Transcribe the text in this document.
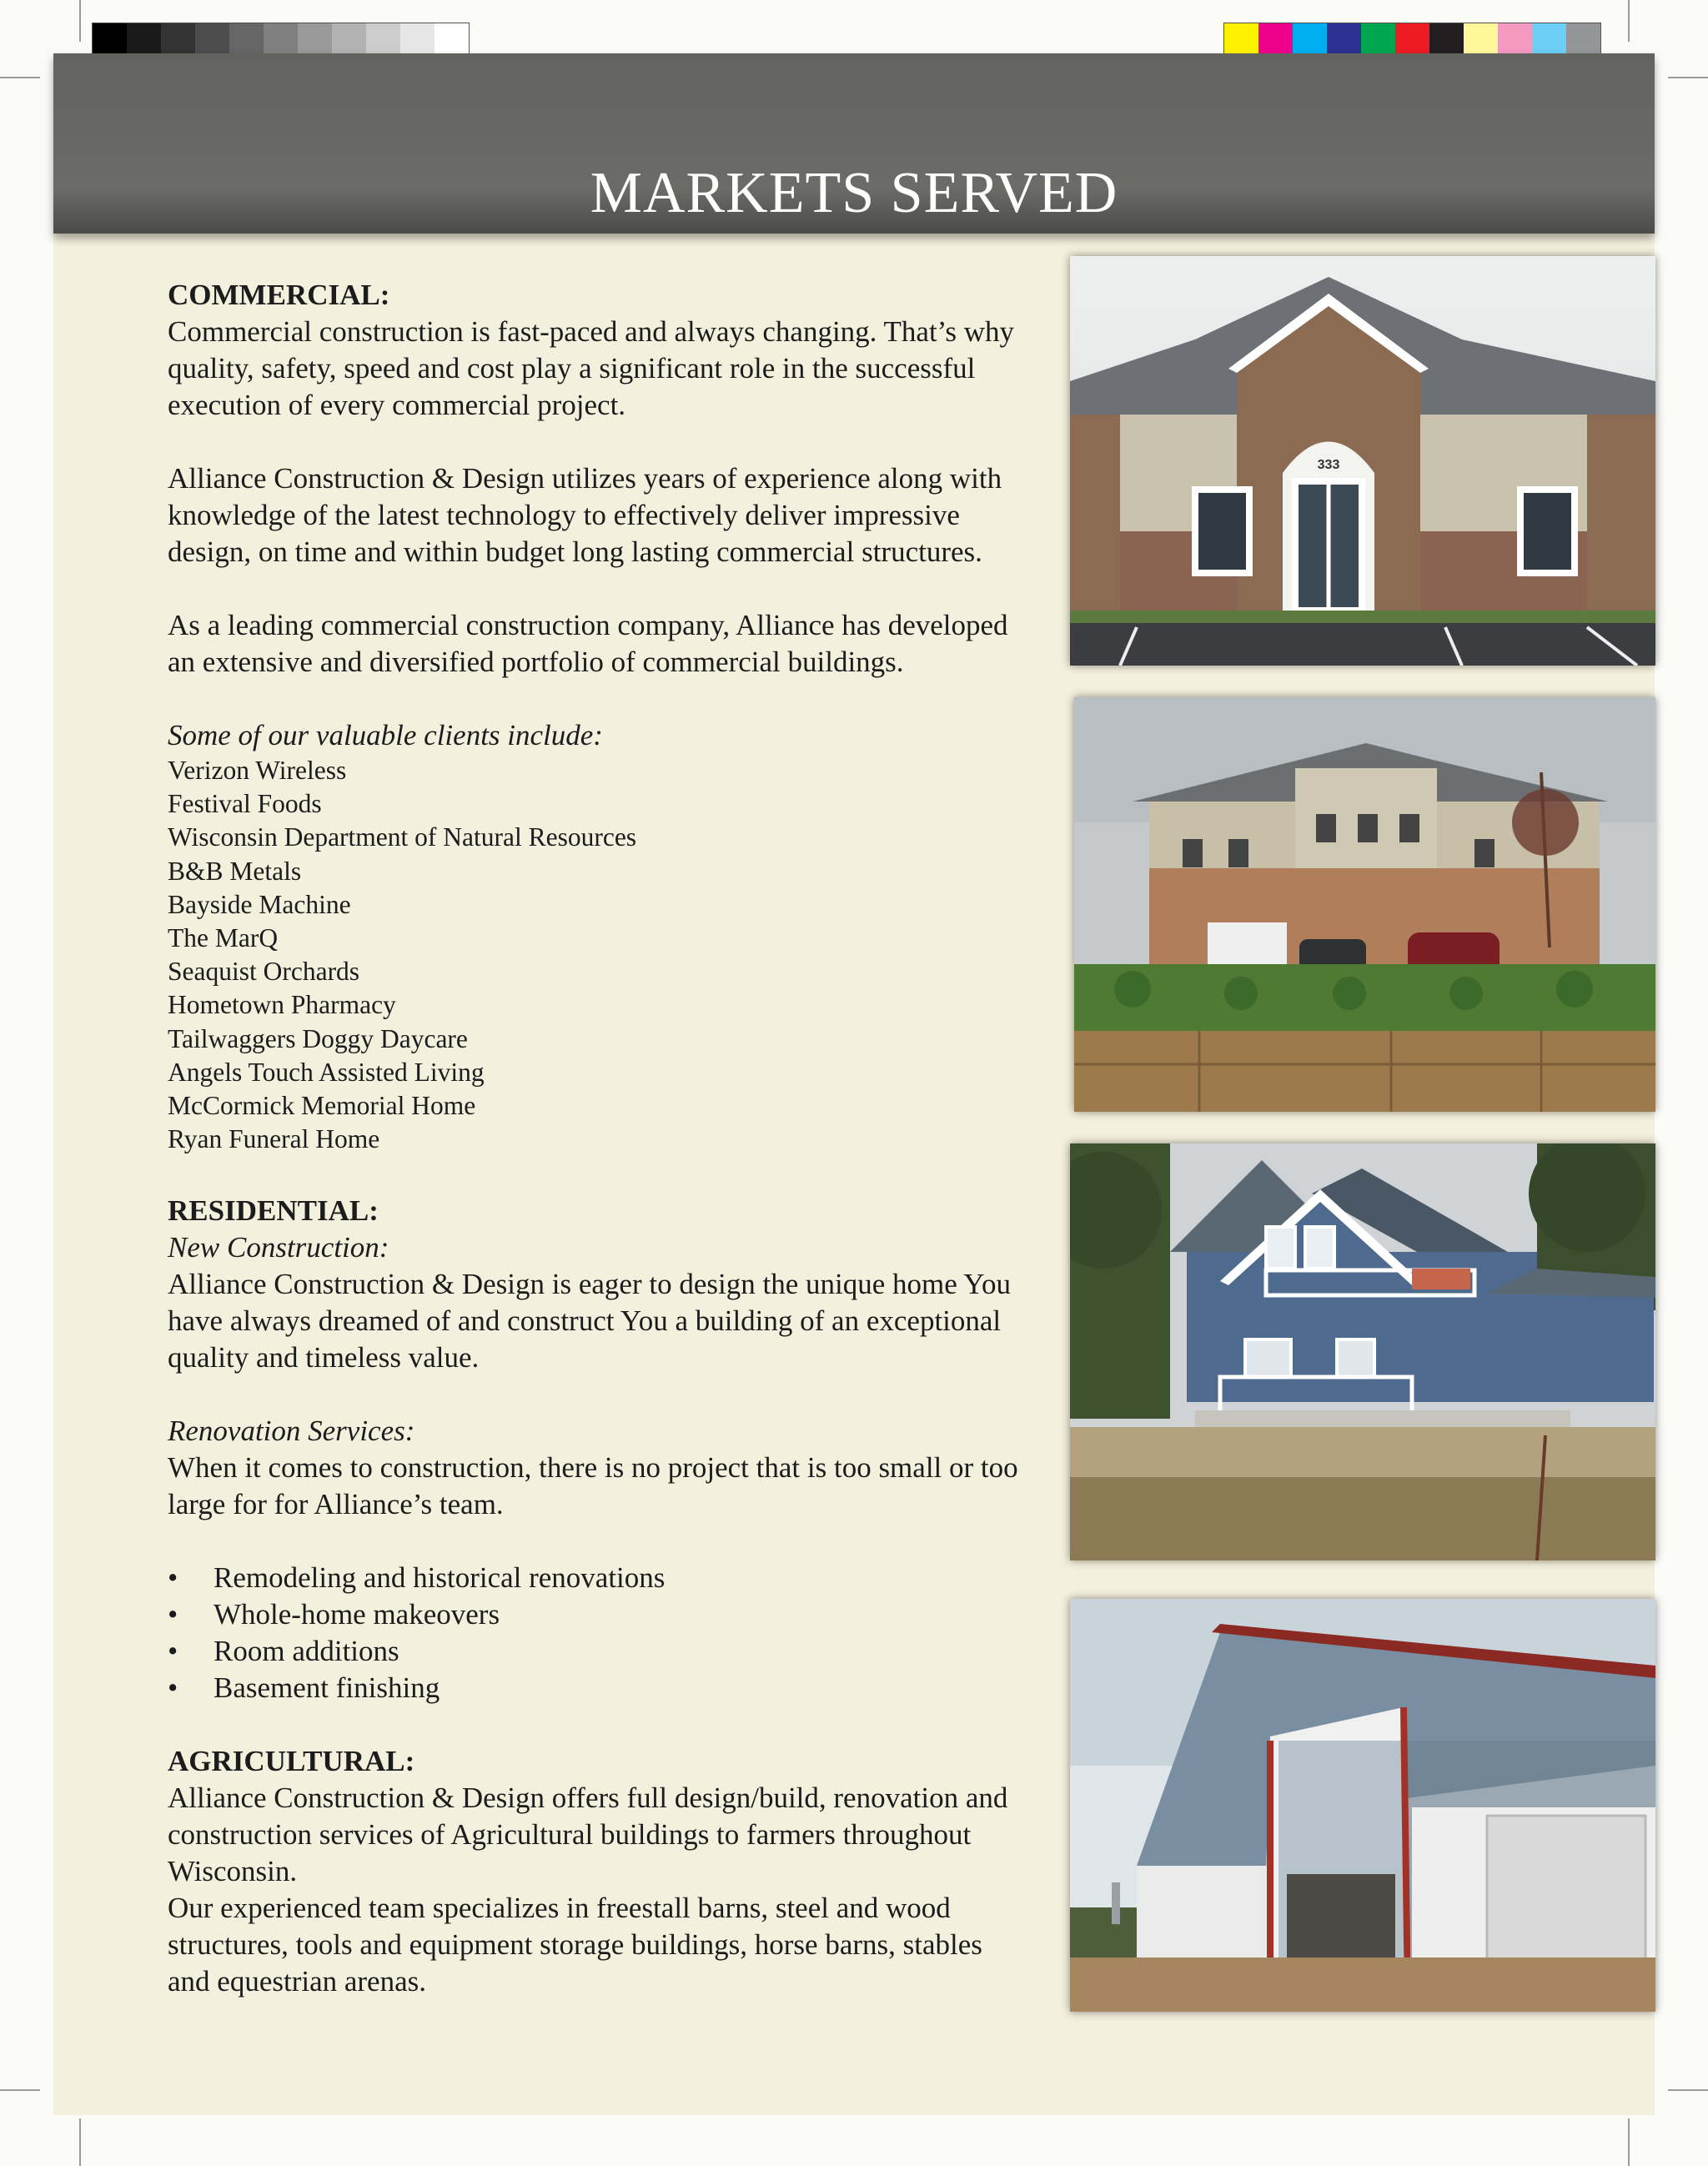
MARKETS SERVED

COMMERCIAL:

Commercial construction is fast-paced and always changing. That’s why
quality, safety, speed and cost play a significant role in the successful
execution of every commercial project.

Alliance Construction & Design utilizes years of experience along with
knowledge of the latest technology to effectively deliver impressive
design, on time and within budget long lasting commercial structures.

As a leading commercial construction company, Alliance has developed
an extensive and diversified portfolio of commercial buildings.

Some of our valuable clients include:

Verizon Wireless
Festival Foods
Wisconsin Department of Natural Resources
B&B Metals
Bayside Machine
The MarQ
Seaquist Orchards
Hometown Pharmacy
Tailwaggers Doggy Daycare
Angels Touch Assisted Living
McCormick Memorial Home
Ryan Funeral Home

RESIDENTIAL:

New Construction:

Alliance Construction & Design is eager to design the unique home You
have always dreamed of and construct You a building of an exceptional
quality and timeless value.

Renovation Services:

When it comes to construction, there is no project that is too small or too
large for for Alliance’s team.

• Remodeling and historical renovations
• Whole-home makeovers
• Room additions
• Basement finishing

AGRICULTURAL:

Alliance Construction & Design offers full design/build, renovation and
construction services of Agricultural buildings to farmers throughout
Wisconsin.
Our experienced team specializes in freestall barns, steel and wood
structures, tools and equipment storage buildings, horse barns, stables
and equestrian arenas.

333
